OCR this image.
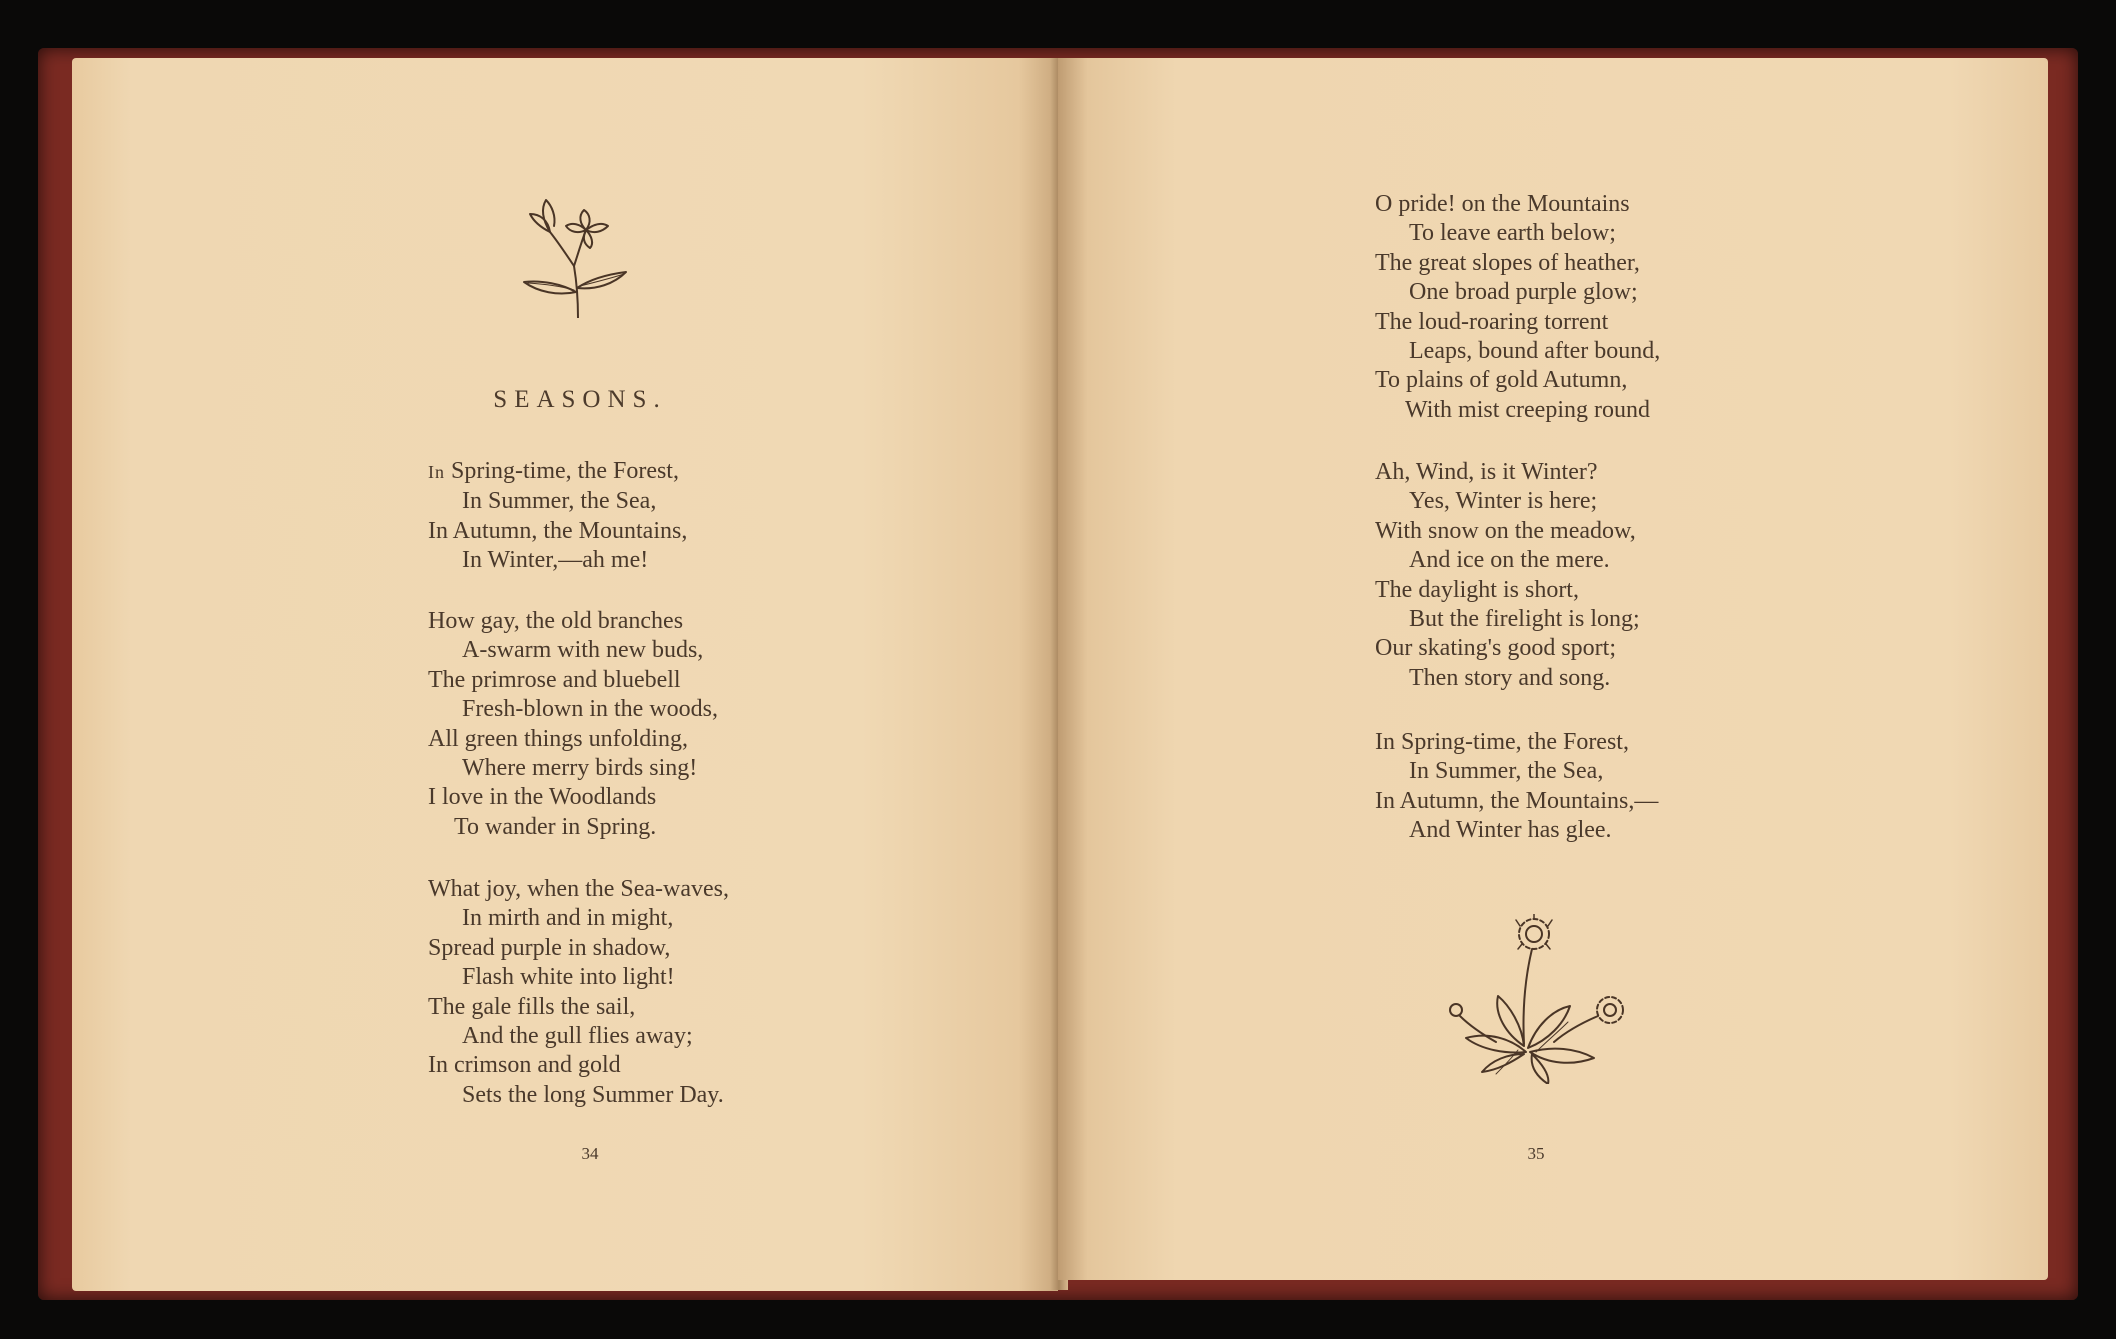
SEASONS.
In Spring-time, the Forest,
In Summer, the Sea,
In Autumn, the Mountains,
In Winter,—ah me!
How gay, the old branches
A-swarm with new buds,
The primrose and bluebell
Fresh-blown in the woods,
All green things unfolding,
Where merry birds sing!
I love in the Woodlands
To wander in Spring.
What joy, when the Sea-waves,
In mirth and in might,
Spread purple in shadow,
Flash white into light!
The gale fills the sail,
And the gull flies away;
In crimson and gold
Sets the long Summer Day.
34
O pride! on the Mountains
To leave earth below;
The great slopes of heather,
One broad purple glow;
The loud-roaring torrent
Leaps, bound after bound,
To plains of gold Autumn,
With mist creeping round
Ah, Wind, is it Winter?
Yes, Winter is here;
With snow on the meadow,
And ice on the mere.
The daylight is short,
But the firelight is long;
Our skating's good sport;
Then story and song.
In Spring-time, the Forest,
In Summer, the Sea,
In Autumn, the Mountains,—
And Winter has glee.
35
